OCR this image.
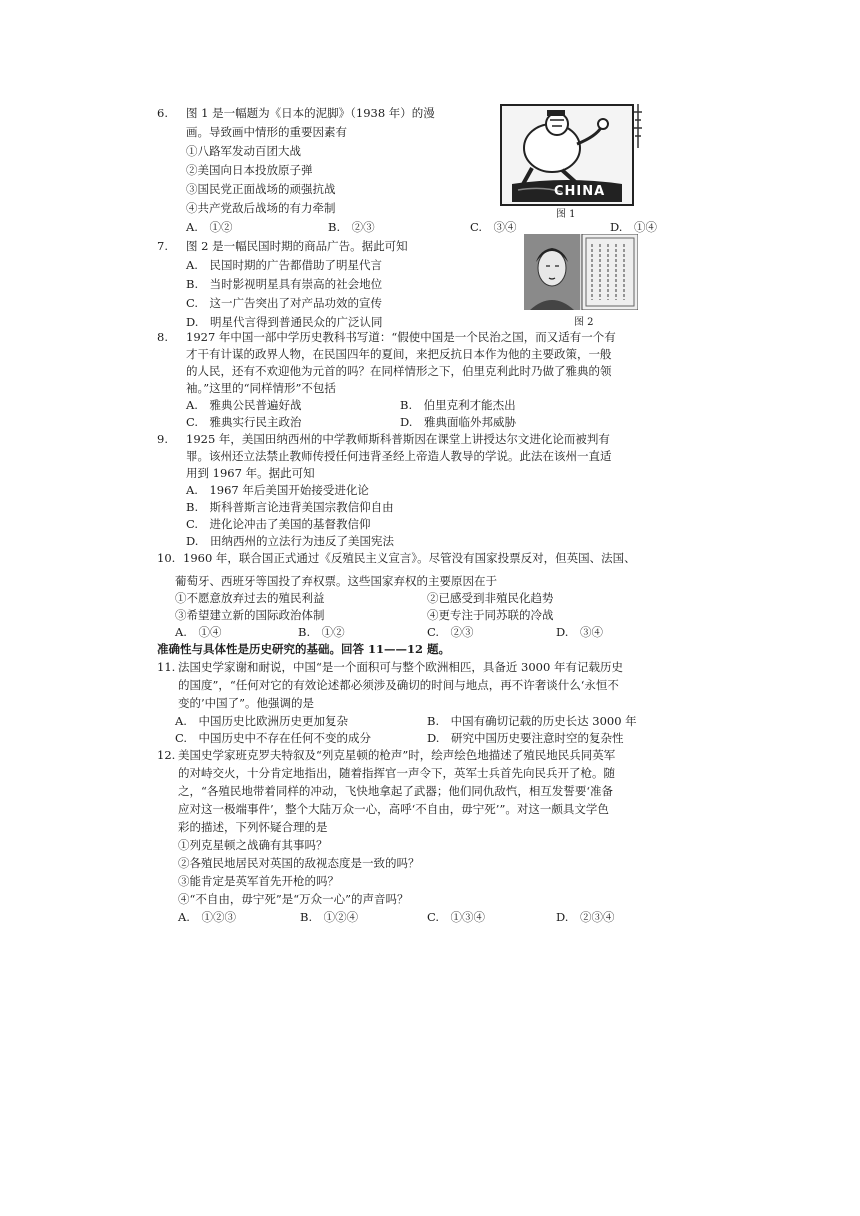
6. 图 1 是一幅题为《日本的泥脚》（1938 年）的漫
画。导致画中情形的重要因素有
①八路军发动百团大战
②美国向日本投放原子弹
③国民党正面战场的顽强抗战
④共产党敌后战场的有力牵制
A.　①②	B.　②③	C.　③④	D.　①④
CHINA
图 1
7. 图 2 是一幅民国时期的商品广告。据此可知
A.　民国时期的广告都借助了明星代言
B.　当时影视明星具有崇高的社会地位
C.　这一广告突出了对产品功效的宣传
D.　明星代言得到普通民众的广泛认同	图 2
8. 1927 年中国一部中学历史教科书写道：“假使中国是一个民治之国，而又适有一个有
才干有计谋的政界人物，在民国四年的夏间，来把反抗日本作为他的主要政策，一般
的人民，还有不欢迎他为元首的吗？在同样情形之下，伯里克利此时乃做了雅典的领
袖。”这里的“同样情形”不包括
A.　雅典公民普遍好战	B.　伯里克利才能杰出
C.　雅典实行民主政治	D.　雅典面临外邦威胁
9. 1925 年，美国田纳西州的中学教师斯科普斯因在课堂上讲授达尔文进化论而被判有
罪。该州还立法禁止教师传授任何违背圣经上帝造人教导的学说。此法在该州一直适
用到 1967 年。据此可知
A.　1967 年后美国开始接受进化论
B.　斯科普斯言论违背美国宗教信仰自由
C.　进化论冲击了美国的基督教信仰
D.　田纳西州的立法行为违反了美国宪法
10. 1960 年，联合国正式通过《反殖民主义宣言》。尽管没有国家投票反对，但英国、法国、
葡萄牙、西班牙等国投了弃权票。这些国家弃权的主要原因在于
①不愿意放弃过去的殖民利益	②已感受到非殖民化趋势
③希望建立新的国际政治体制	④更专注于同苏联的冷战
A.　①④	B.　①②	C.　②③	D.　③④
准确性与具体性是历史研究的基础。回答 11——12 题。
11. 法国史学家谢和耐说，中国“是一个面积可与整个欧洲相匹，具备近 3000 年有记载历史
的国度”，“任何对它的有效论述都必须涉及确切的时间与地点，再不许奢谈什么‘永恒不
变的’中国了”。他强调的是
A.　中国历史比欧洲历史更加复杂	B.　中国有确切记载的历史长达 3000 年
C.　中国历史中不存在任何不变的成分	D.　研究中国历史要注意时空的复杂性
12. 美国史学家班克罗夫特叙及“列克星顿的枪声”时，绘声绘色地描述了殖民地民兵同英军
的对峙交火，十分肯定地指出，随着指挥官一声令下，英军士兵首先向民兵开了枪。随
之，“各殖民地带着同样的冲动，飞快地拿起了武器；他们同仇敌忾，相互发誓要‘准备
应对这一极端事件’，整个大陆万众一心，高呼‘不自由，毋宁死’”。对这一颇具文学色
彩的描述，下列怀疑合理的是
①列克星顿之战确有其事吗？
②各殖民地居民对英国的敌视态度是一致的吗？
③能肯定是英军首先开枪的吗？
④“不自由，毋宁死”是“万众一心”的声音吗？
A.　①②③	B.　①②④	C.　①③④	D.　②③④
